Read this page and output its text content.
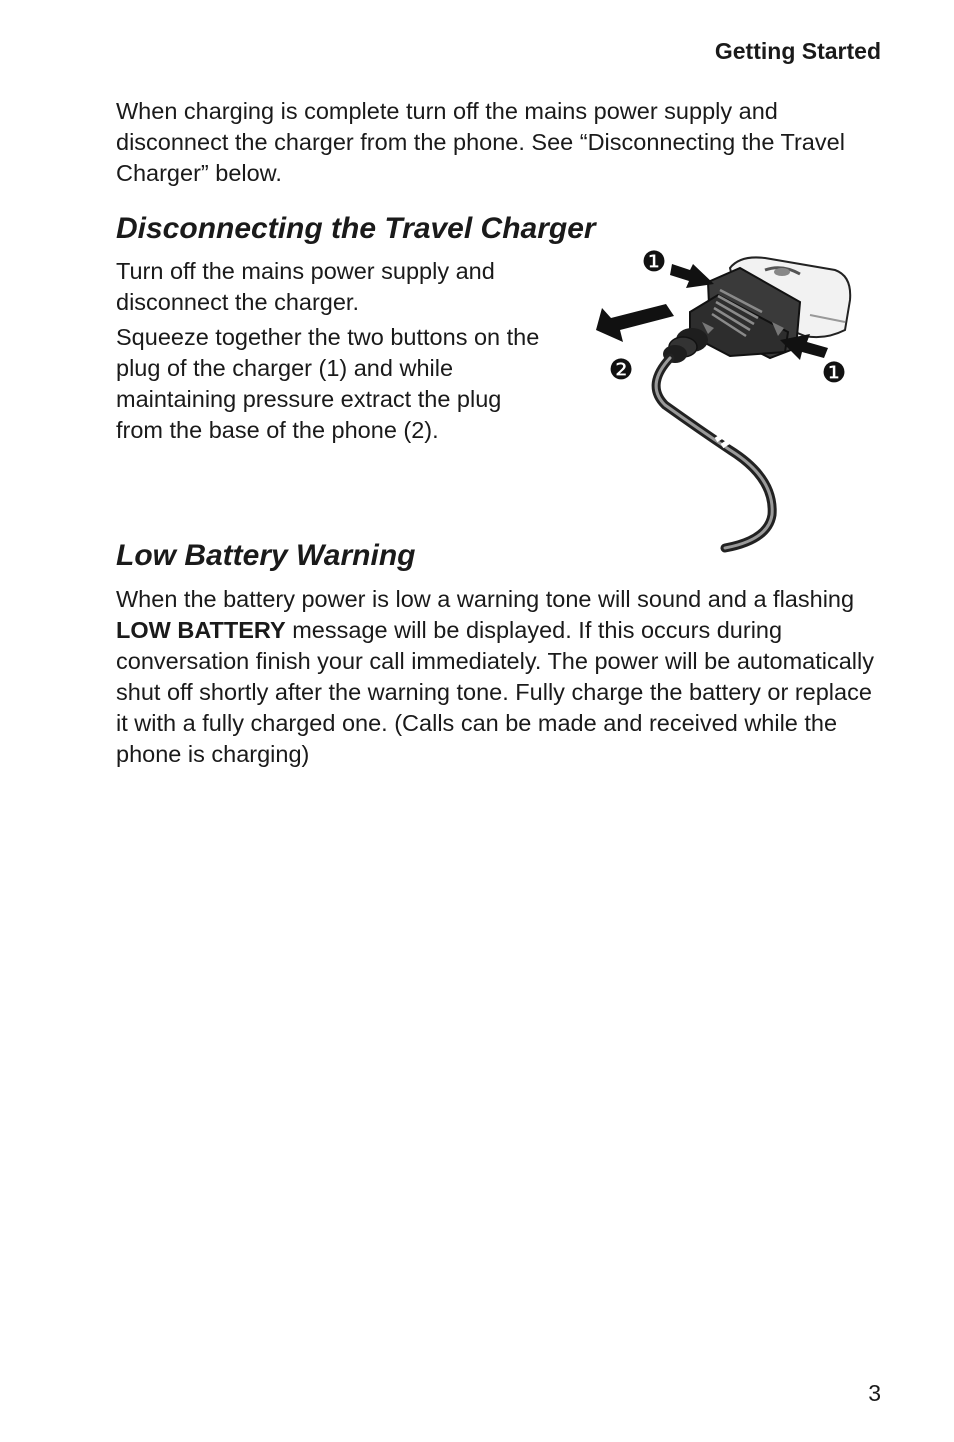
Getting Started

When charging is complete turn off the mains power supply and disconnect the charger from the phone. See “Disconnecting the Travel Charger” below.

Disconnecting the Travel Charger

Turn off the mains power supply and disconnect the charger.

Squeeze together the two buttons on the plug of the charger (1) and while maintaining pressure extract the plug from the base of the phone (2).

❶
❷	❶
Low Battery Warning

When the battery power is low a warning tone will sound and a flashing LOW BATTERY message will be displayed. If this occurs during conversation finish your call immediately. The power will be automatically shut off shortly after the warning tone. Fully charge the battery or replace it with a fully charged one. (Calls can be made and received while the phone is charging)

3
